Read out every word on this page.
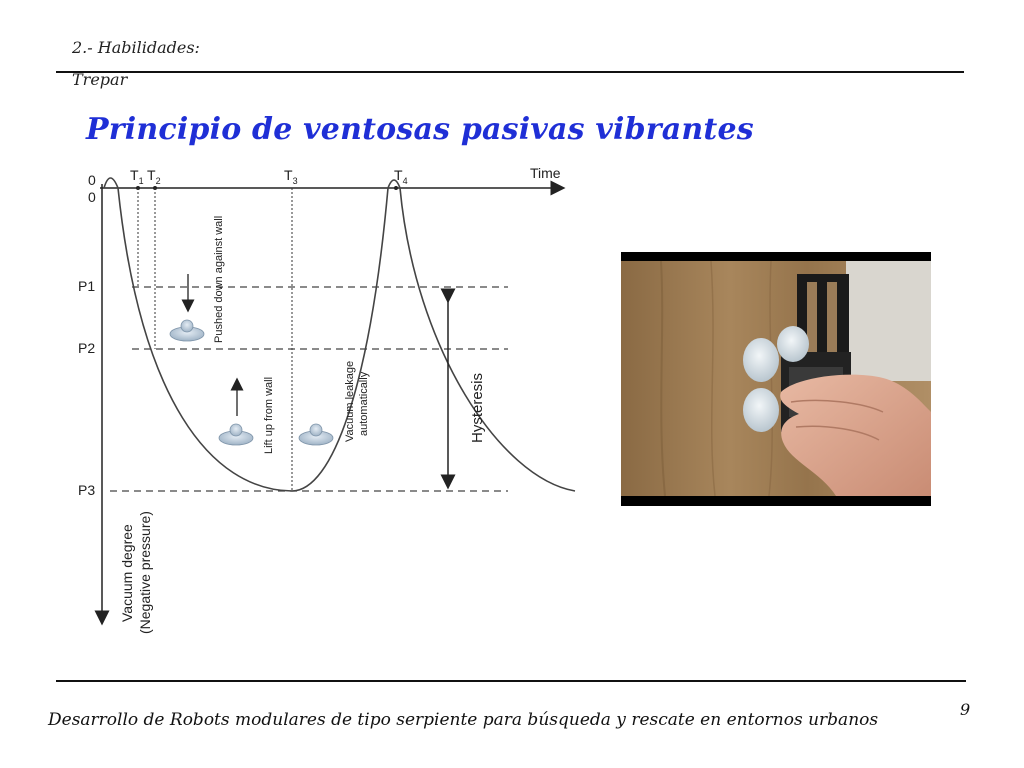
2.- Habilidades:
Trepar
Principio de ventosas pasivas vibrantes
Time
0
0
$T_1$ $T_2$	$T_3$	$T_4$
P1
P2
P3
Hysteresis
Pushed down against wall
Lift up from wall	Vacuum leakage automatically
Vacuum degree (Negative pressure)
Desarrollo de Robots modulares de tipo serpiente para búsqueda y rescate en entornos urbanos
9
